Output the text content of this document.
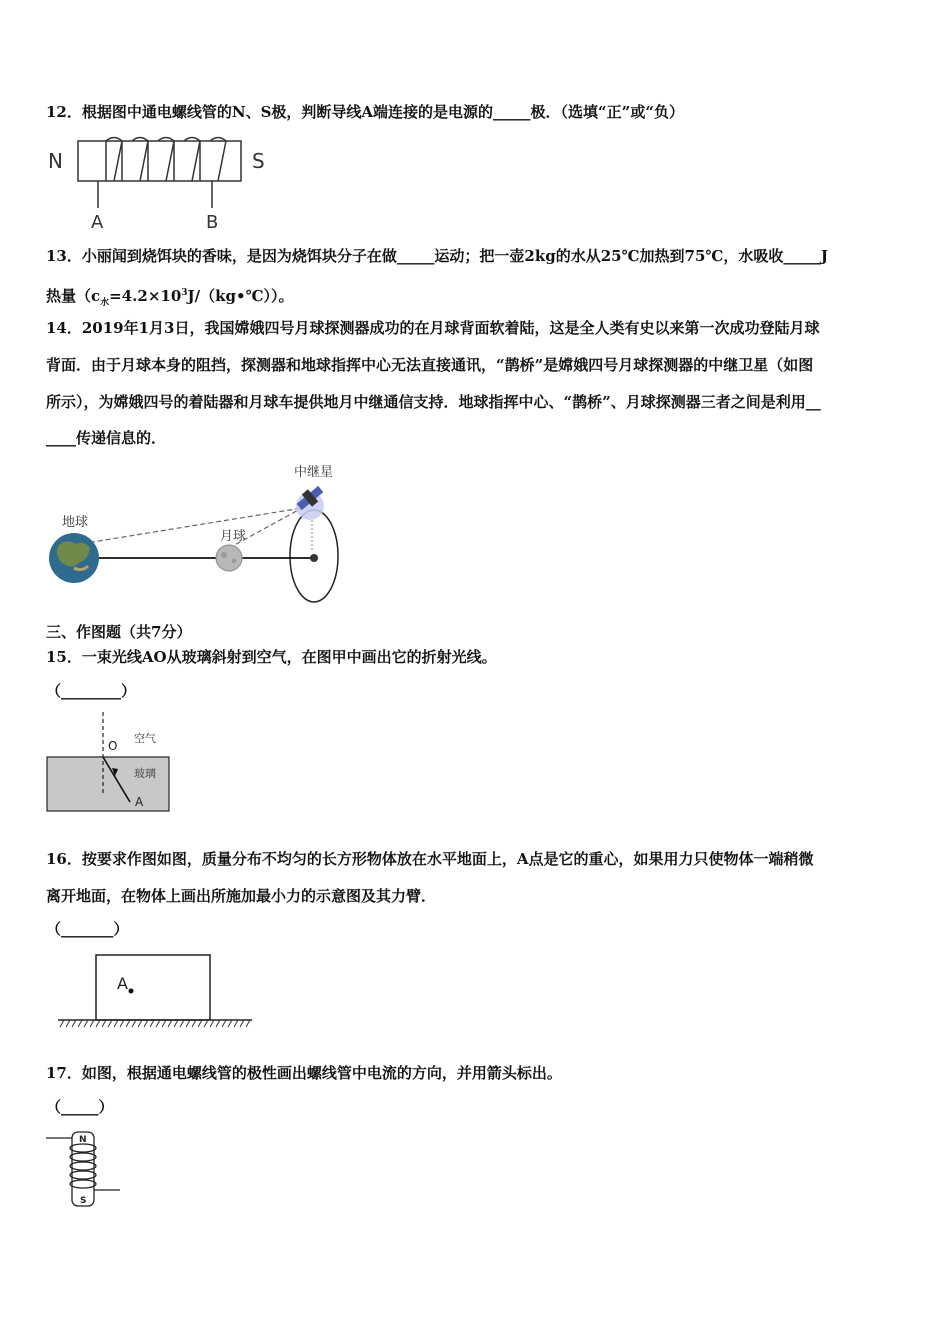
12．根据图中通电螺线管的N、S极，判断导线A端连接的是电源的_____极．（选填“正”或“负）
N	S
A	B
13．小丽闻到烧饵块的香味，是因为烧饵块分子在做_____运动；把一壶2kg的水从25℃加热到75℃，水吸收_____J
热量$(c_水=4.2\times 10^3J/(kg•℃))$。
14．2019年1月3日，我国嫦娥四号月球探测器成功的在月球背面软着陆，这是全人类有史以来第一次成功登陆月球
背面．由于月球本身的阻挡，探测器和地球指挥中心无法直接通讯，“鹊桥”是嫦娥四号月球探测器的中继卫星（如图
所示），为嫦娥四号的着陆器和月球车提供地月中继通信支持．地球指挥中心、“鹊桥”、月球探测器三者之间是利用__
____传递信息的．
中继星
地球
月球
三、作图题（共7分）
15．一束光线AO从玻璃斜射到空气，在图甲中画出它的折射光线。
（________）
O
空气
玻璃
A
16．按要求作图如图，质量分布不均匀的长方形物体放在水平地面上，A点是它的重心，如果用力只使物体一端稍微
离开地面，在物体上画出所施加最小力的示意图及其力臂．
（_______）
A
17．如图，根据通电螺线管的极性画出螺线管中电流的方向，并用箭头标出。
（_____）
N
S
